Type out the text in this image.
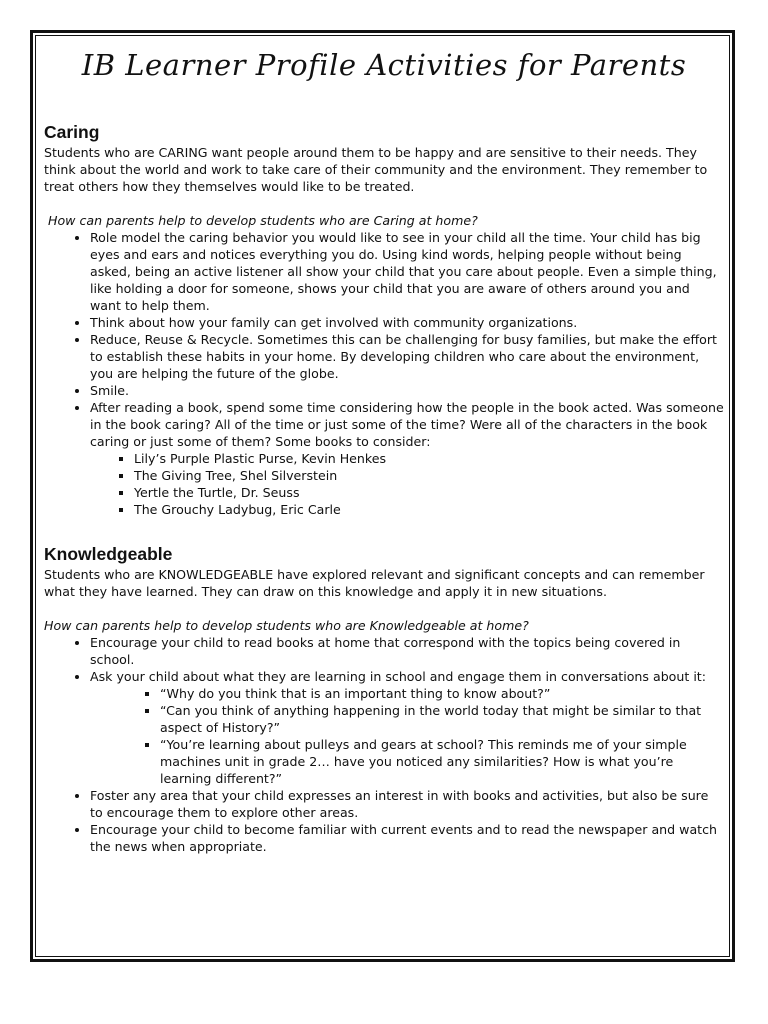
IB Learner Profile Activities for Parents
Caring

Students who are CARING want people around them to be happy and are sensitive to their needs. They think about the world and work to take care of their community and the environment. They remember to treat others how they themselves would like to be treated.

How can parents help to develop students who are Caring at home?

• Role model the caring behavior you would like to see in your child all the time. Your child has big eyes and ears and notices everything you do. Using kind words, helping people without being asked, being an active listener all show your child that you care about people. Even a simple thing, like holding a door for someone, shows your child that you are aware of others around you and want to help them.
• Think about how your family can get involved with community organizations.
• Reduce, Reuse & Recycle. Sometimes this can be challenging for busy families, but make the effort to establish these habits in your home. By developing children who care about the environment, you are helping the future of the globe.
• Smile.
• After reading a book, spend some time considering how the people in the book acted. Was someone in the book caring? All of the time or just some of the time? Were all of the characters in the book caring or just some of them? Some books to consider:
▪ Lily’s Purple Plastic Purse, Kevin Henkes
▪ The Giving Tree, Shel Silverstein
▪ Yertle the Turtle, Dr. Seuss
▪ The Grouchy Ladybug, Eric Carle
Knowledgeable

Students who are KNOWLEDGEABLE have explored relevant and significant concepts and can remember what they have learned. They can draw on this knowledge and apply it in new situations.

How can parents help to develop students who are Knowledgeable at home?

• Encourage your child to read books at home that correspond with the topics being covered in school.
• Ask your child about what they are learning in school and engage them in conversations about it:
▪ “Why do you think that is an important thing to know about?”
▪ “Can you think of anything happening in the world today that might be similar to that aspect of History?”
▪ “You’re learning about pulleys and gears at school? This reminds me of your simple machines unit in grade 2… have you noticed any similarities? How is what you’re learning different?”
• Foster any area that your child expresses an interest in with books and activities, but also be sure to encourage them to explore other areas.
• Encourage your child to become familiar with current events and to read the newspaper and watch the news when appropriate.
